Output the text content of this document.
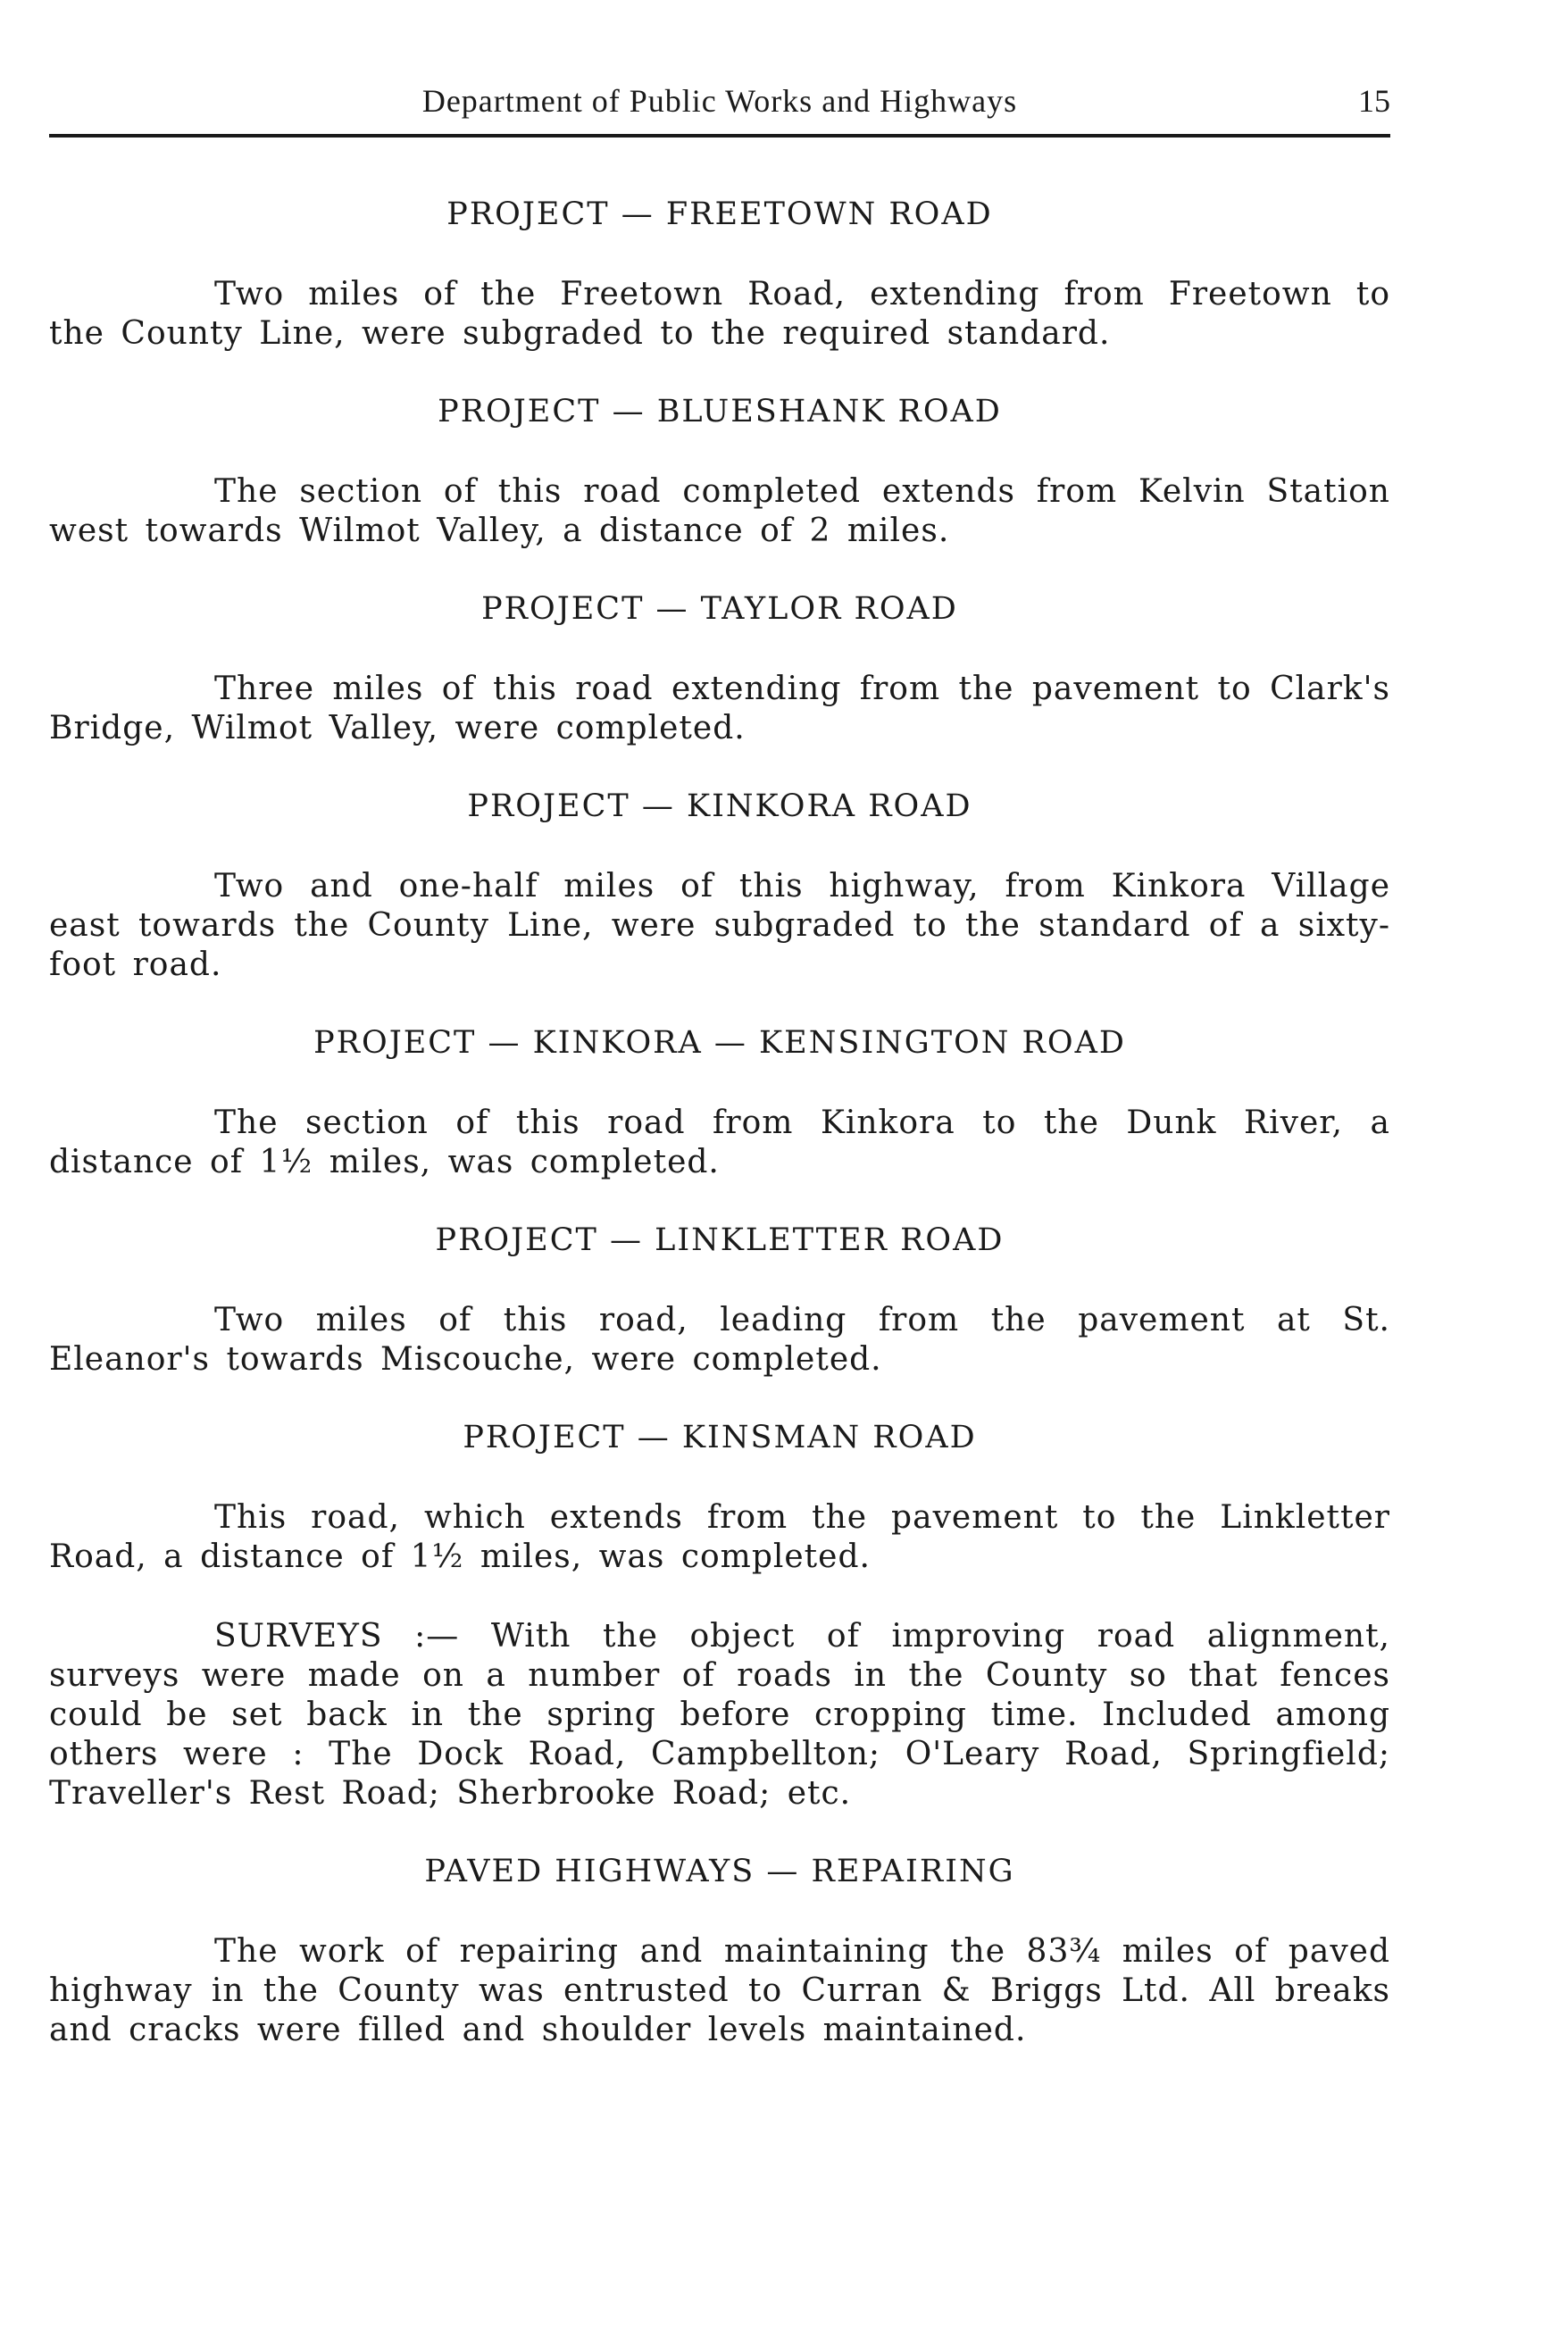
Department of Public Works and Highways	15
PROJECT — FREETOWN ROAD

Two miles of the Freetown Road, extending from Freetown to the County Line, were subgraded to the required standard.

PROJECT — BLUESHANK ROAD

The section of this road completed extends from Kelvin Station west towards Wilmot Valley, a distance of 2 miles.

PROJECT — TAYLOR ROAD

Three miles of this road extending from the pavement to Clark's Bridge, Wilmot Valley, were completed.

PROJECT — KINKORA ROAD

Two and one-half miles of this highway, from Kinkora Village east towards the County Line, were subgraded to the standard of a sixty-foot road.

PROJECT — KINKORA — KENSINGTON ROAD

The section of this road from Kinkora to the Dunk River, a distance of 1½ miles, was completed.

PROJECT — LINKLETTER ROAD

Two miles of this road, leading from the pavement at St. Eleanor's towards Miscouche, were completed.

PROJECT — KINSMAN ROAD

This road, which extends from the pavement to the Linkletter Road, a distance of 1½ miles, was completed.

SURVEYS :— With the object of improving road alignment, surveys were made on a number of roads in the County so that fences could be set back in the spring before cropping time. Included among others were : The Dock Road, Campbellton; O'Leary Road, Springfield; Traveller's Rest Road; Sherbrooke Road; etc.

PAVED HIGHWAYS — REPAIRING

The work of repairing and maintaining the 83¾ miles of paved highway in the County was entrusted to Curran & Briggs Ltd. All breaks and cracks were filled and shoulder levels maintained.
